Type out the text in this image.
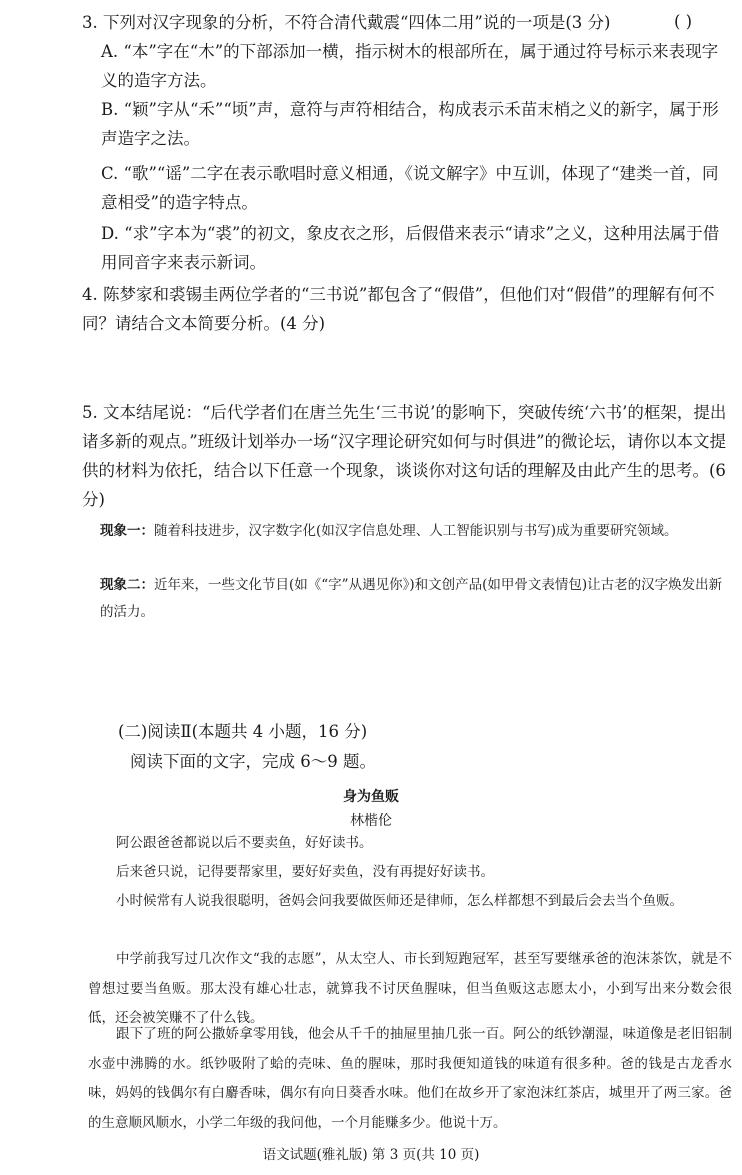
3. 下列对汉字现象的分析，不符合清代戴震“四体二用”说的一项是(3 分)	( )
A. “本”字在“木”的下部添加一横，指示树木的根部所在，属于通过符号标示来表现字义的造字方法。
B. “颖”字从“禾”“顷”声，意符与声符相结合，构成表示禾苗末梢之义的新字，属于形声造字之法。
C. “歌”“谣”二字在表示歌唱时意义相通，《说文解字》中互训，体现了“建类一首，同意相受”的造字特点。
D. “求”字本为“裘”的初文，象皮衣之形，后假借来表示“请求”之义，这种用法属于借用同音字来表示新词。
4. 陈梦家和裘锡圭两位学者的“三书说”都包含了“假借”，但他们对“假借”的理解有何不同？请结合文本简要分析。(4 分)
5. 文本结尾说：“后代学者们在唐兰先生‘三书说’的影响下，突破传统‘六书’的框架，提出诸多新的观点。”班级计划举办一场“汉字理论研究如何与时俱进”的微论坛，请你以本文提供的材料为依托，结合以下任意一个现象，谈谈你对这句话的理解及由此产生的思考。(6 分)
现象一：随着科技进步，汉字数字化(如汉字信息处理、人工智能识别与书写)成为重要研究领域。
现象二：近年来，一些文化节目(如《“字”从遇见你》)和文创产品(如甲骨文表情包)让古老的汉字焕发出新的活力。
(二)阅读Ⅱ(本题共 4 小题，16 分)
阅读下面的文字，完成 6～9 题。
身为鱼贩
林楷伦
阿公跟爸爸都说以后不要卖鱼，好好读书。
后来爸只说，记得要帮家里，要好好卖鱼，没有再提好好读书。
小时候常有人说我很聪明，爸妈会问我要做医师还是律师，怎么样都想不到最后会去当个鱼贩。
中学前我写过几次作文“我的志愿”，从太空人、市长到短跑冠军，甚至写要继承爸的泡沫茶饮，就是不曾想过要当鱼贩。那太没有雄心壮志，就算我不讨厌鱼腥味，但当鱼贩这志愿太小，小到写出来分数会很低，还会被笑赚不了什么钱。
跟下了班的阿公撒娇拿零用钱，他会从千千的抽屉里抽几张一百。阿公的纸钞潮湿，味道像是老旧铝制水壶中沸腾的水。纸钞吸附了蛤的壳味、鱼的腥味，那时我便知道钱的味道有很多种。爸的钱是古龙香水味，妈妈的钱偶尔有白麝香味，偶尔有向日葵香水味。他们在故乡开了家泡沫红茶店，城里开了两三家。爸的生意顺风顺水，小学二年级的我问他，一个月能赚多少。他说十万。
语文试题(雅礼版) 第 3 页(共 10 页)
